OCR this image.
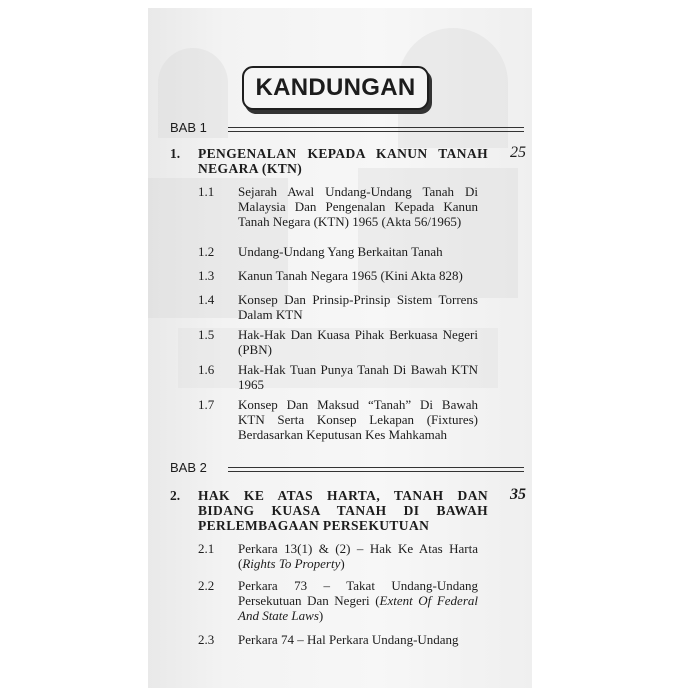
KANDUNGAN
BAB 1
1. PENGENALAN KEPADA KANUN TANAH NEGARA (KTN)
25
1.1 Sejarah Awal Undang-Undang Tanah Di Malaysia Dan Pengenalan Kepada Kanun Tanah Negara (KTN) 1965 (Akta 56/1965)
1.2 Undang-Undang Yang Berkaitan Tanah
1.3 Kanun Tanah Negara 1965 (Kini Akta 828)
1.4 Konsep Dan Prinsip-Prinsip Sistem Torrens Dalam KTN
1.5 Hak-Hak Dan Kuasa Pihak Berkuasa Negeri (PBN)
1.6 Hak-Hak Tuan Punya Tanah Di Bawah KTN 1965
1.7 Konsep Dan Maksud “Tanah” Di Bawah KTN Serta Konsep Lekapan (Fixtures) Berdasarkan Keputusan Kes Mahkamah
BAB 2
2. HAK KE ATAS HARTA, TANAH DAN BIDANG KUASA TANAH DI BAWAH PERLEMBAGAAN PERSEKUTUAN
35
2.1 Perkara 13(1) & (2) – Hak Ke Atas Harta (Rights To Property)
2.2 Perkara 73 – Takat Undang-Undang Persekutuan Dan Negeri (Extent Of Federal And State Laws)
2.3 Perkara 74 – Hal Perkara Undang-Undang
